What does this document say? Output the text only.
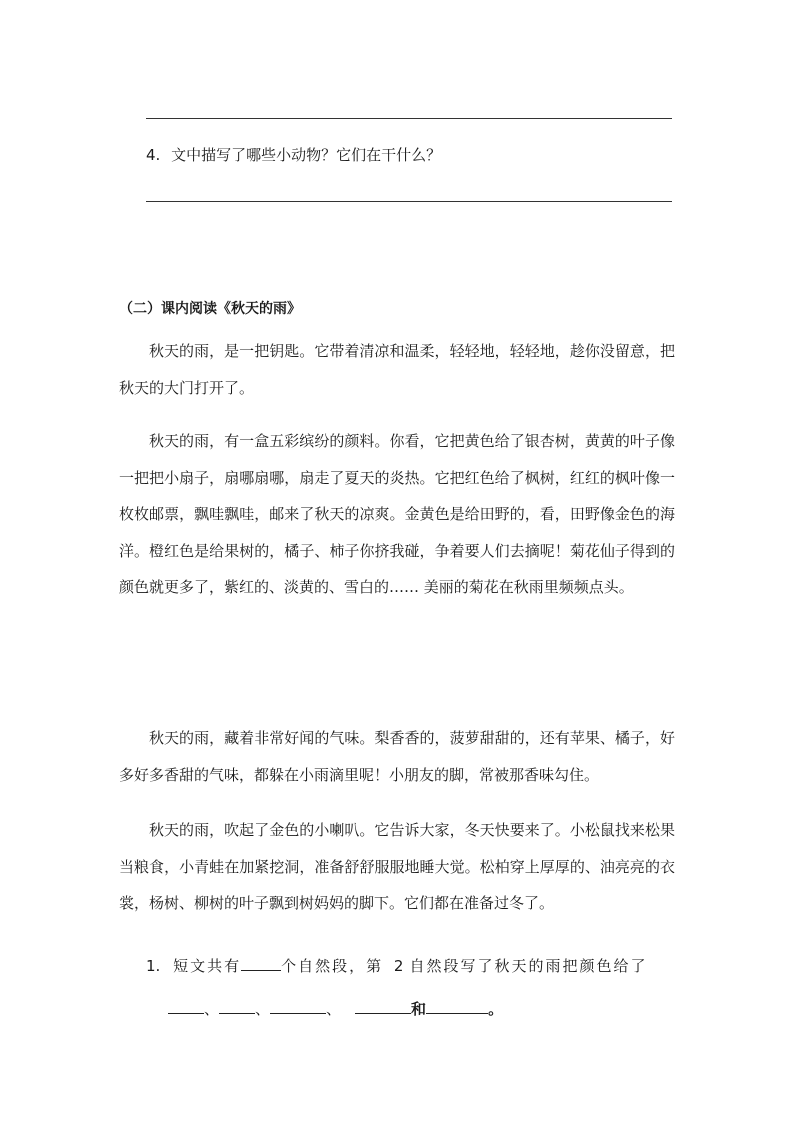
4. 文中描写了哪些小动物？它们在干什么？
（二）课内阅读《秋天的雨》

秋天的雨，是一把钥匙。它带着清凉和温柔，轻轻地，轻轻地，趁你没留意，把秋天的大门打开了。

秋天的雨，有一盒五彩缤纷的颜料。你看，它把黄色给了银杏树，黄黄的叶子像一把把小扇子，扇哪扇哪，扇走了夏天的炎热。它把红色给了枫树，红红的枫叶像一枚枚邮票，飘哇飘哇，邮来了秋天的凉爽。金黄色是给田野的，看，田野像金色的海洋。橙红色是给果树的，橘子、柿子你挤我碰，争着要人们去摘呢！菊花仙子得到的颜色就更多了，紫红的、淡黄的、雪白的…… 美丽的菊花在秋雨里频频点头。

秋天的雨，藏着非常好闻的气味。梨香香的，菠萝甜甜的，还有苹果、橘子，好多好多香甜的气味，都躲在小雨滴里呢！小朋友的脚，常被那香味勾住。

秋天的雨，吹起了金色的小喇叭。它告诉大家，冬天快要来了。小松鼠找来松果当粮食，小青蛙在加紧挖洞，准备舒舒服服地睡大觉。松柏穿上厚厚的、油亮亮的衣裳，杨树、柳树的叶子飘到树妈妈的脚下。它们都在准备过冬了。

1. 短文共有	个自然段，第 2 自然段写了秋天的雨把颜色给了
、 、	、	和	。
